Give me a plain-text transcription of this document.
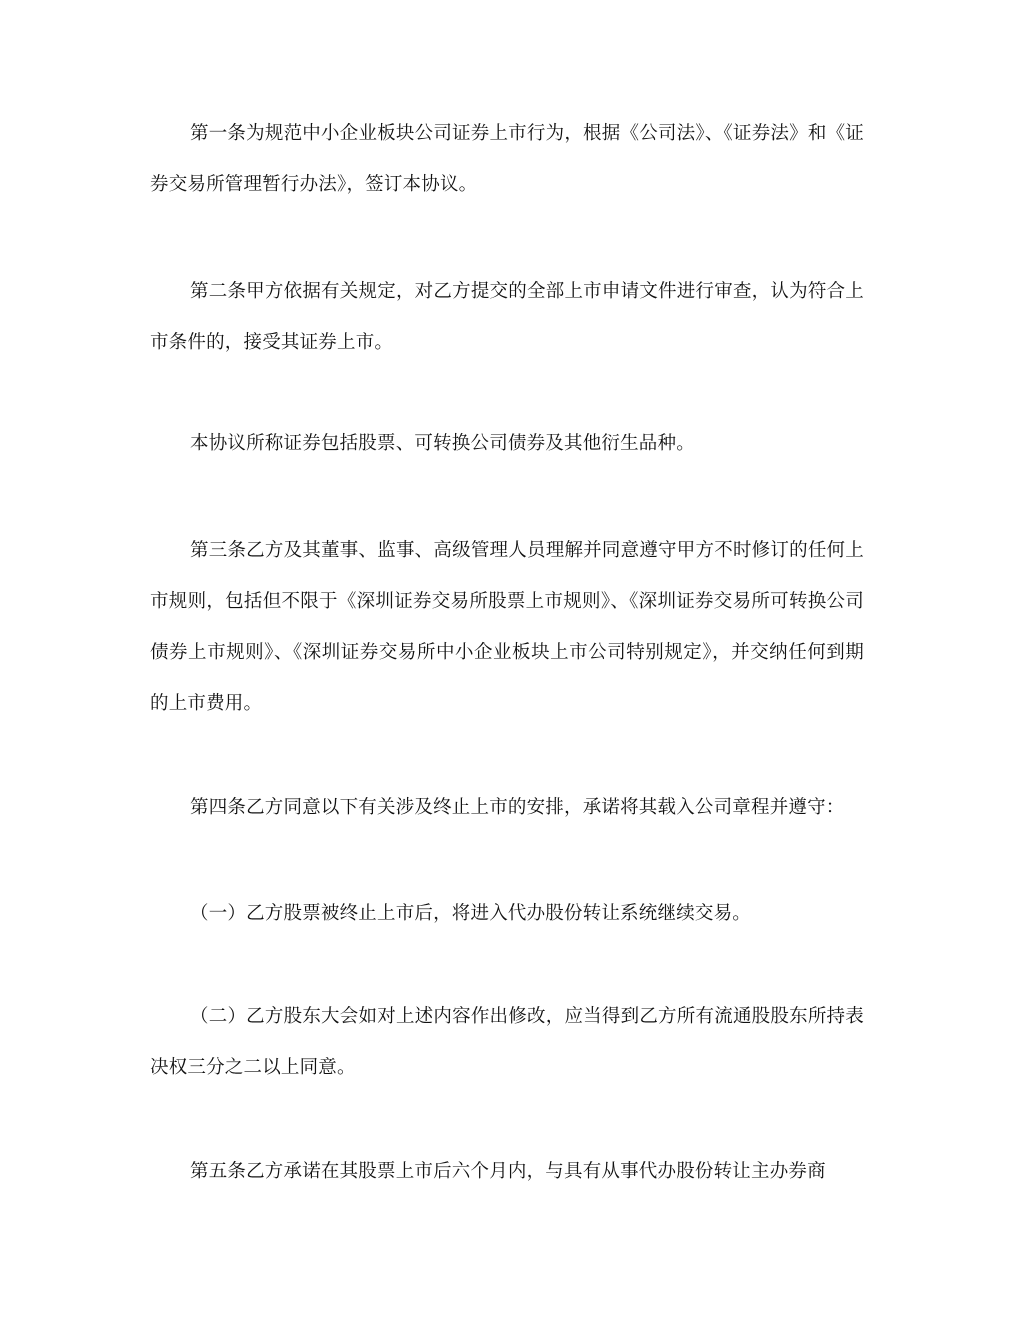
第一条为规范中小企业板块公司证券上市行为，根据《公司法》、《证券法》和《证券交易所管理暂行办法》，签订本协议。

第二条甲方依据有关规定，对乙方提交的全部上市申请文件进行审查，认为符合上市条件的，接受其证券上市。

本协议所称证券包括股票、可转换公司债券及其他衍生品种。

第三条乙方及其董事、监事、高级管理人员理解并同意遵守甲方不时修订的任何上市规则，包括但不限于《深圳证券交易所股票上市规则》、《深圳证券交易所可转换公司债券上市规则》、《深圳证券交易所中小企业板块上市公司特别规定》，并交纳任何到期的上市费用。

第四条乙方同意以下有关涉及终止上市的安排，承诺将其载入公司章程并遵守：

（一）乙方股票被终止上市后，将进入代办股份转让系统继续交易。

（二）乙方股东大会如对上述内容作出修改，应当得到乙方所有流通股股东所持表决权三分之二以上同意。

第五条乙方承诺在其股票上市后六个月内，与具有从事代办股份转让主办券商
